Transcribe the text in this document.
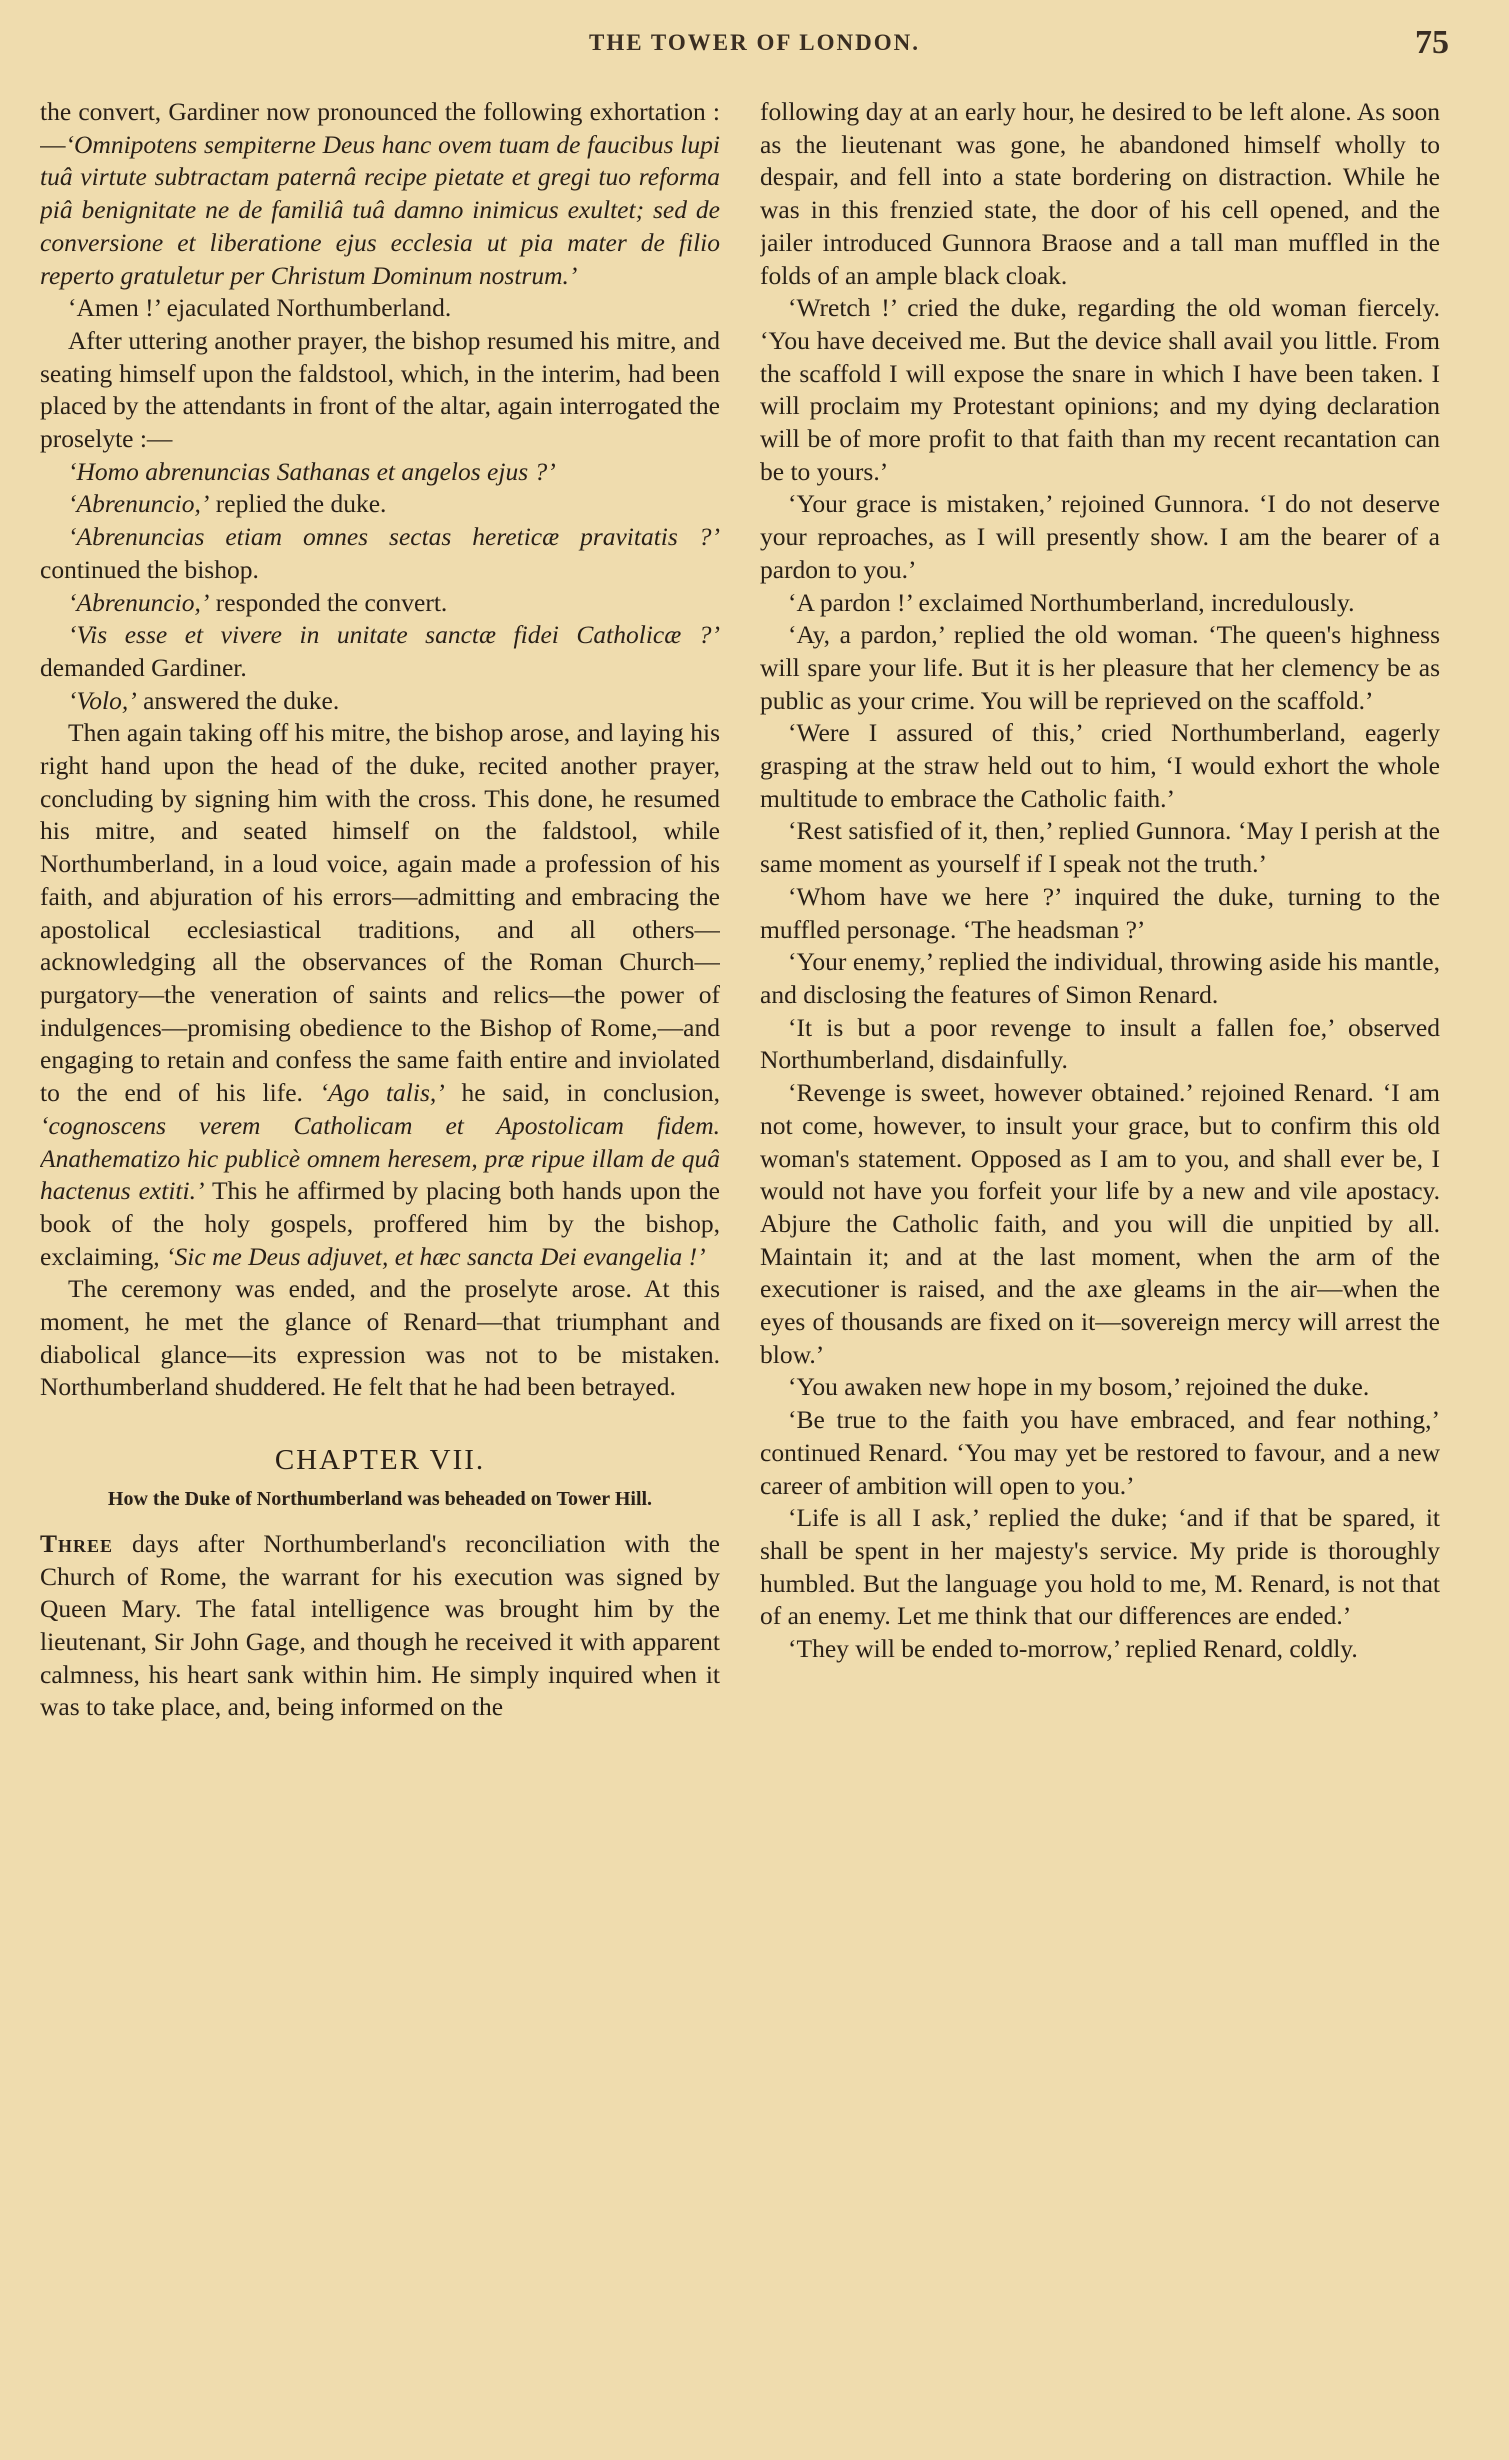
THE TOWER OF LONDON.	75

the convert, Gardiner now pronounced the following exhortation :—‘Omnipotens sempiterne Deus hanc ovem tuam de faucibus lupi tuâ virtute subtractam paternâ recipe pietate et gregi tuo reforma piâ benignitate ne de familiâ tuâ damno inimicus exultet; sed de conversione et liberatione ejus ecclesia ut pia mater de filio reperto gratuletur per Christum Dominum nostrum.’

‘Amen !’ ejaculated Northumberland.

After uttering another prayer, the bishop resumed his mitre, and seating himself upon the faldstool, which, in the interim, had been placed by the attendants in front of the altar, again interrogated the proselyte :—

‘Homo abrenuncias Sathanas et angelos ejus ?’

‘Abrenuncio,’ replied the duke.

‘Abrenuncias etiam omnes sectas hereticæ pravitatis ?’ continued the bishop.

‘Abrenuncio,’ responded the convert.

‘Vis esse et vivere in unitate sanctæ fidei Catholicæ ?’ demanded Gardiner.

‘Volo,’ answered the duke.

Then again taking off his mitre, the bishop arose, and laying his right hand upon the head of the duke, recited another prayer, concluding by signing him with the cross. This done, he resumed his mitre, and seated himself on the faldstool, while Northumberland, in a loud voice, again made a profession of his faith, and abjuration of his errors—admitting and embracing the apostolical ecclesiastical traditions, and all others—acknowledging all the observances of the Roman Church—purgatory—the veneration of saints and relics—the power of indulgences—promising obedience to the Bishop of Rome,—and engaging to retain and confess the same faith entire and inviolated to the end of his life. ‘Ago talis,’ he said, in conclusion, ‘cognoscens verem Catholicam et Apostolicam fidem. Anathematizo hic publicè omnem heresem, præ ripue illam de quâ hactenus extiti.’ This he affirmed by placing both hands upon the book of the holy gospels, proffered him by the bishop, exclaiming, ‘Sic me Deus adjuvet, et hæc sancta Dei evangelia !’

The ceremony was ended, and the proselyte arose. At this moment, he met the glance of Renard—that triumphant and diabolical glance—its expression was not to be mistaken. Northumberland shuddered. He felt that he had been betrayed.

CHAPTER VII.
How the Duke of Northumberland was beheaded on Tower Hill.

Three days after Northumberland's reconciliation with the Church of Rome, the warrant for his execution was signed by Queen Mary. The fatal intelligence was brought him by the lieutenant, Sir John Gage, and though he received it with apparent calmness, his heart sank within him. He simply inquired when it was to take place, and, being informed on the

following day at an early hour, he desired to be left alone. As soon as the lieutenant was gone, he abandoned himself wholly to despair, and fell into a state bordering on distraction. While he was in this frenzied state, the door of his cell opened, and the jailer introduced Gunnora Braose and a tall man muffled in the folds of an ample black cloak.

‘Wretch !’ cried the duke, regarding the old woman fiercely. ‘You have deceived me. But the device shall avail you little. From the scaffold I will expose the snare in which I have been taken. I will proclaim my Protestant opinions; and my dying declaration will be of more profit to that faith than my recent recantation can be to yours.’

‘Your grace is mistaken,’ rejoined Gunnora. ‘I do not deserve your reproaches, as I will presently show. I am the bearer of a pardon to you.’

‘A pardon !’ exclaimed Northumberland, incredulously.

‘Ay, a pardon,’ replied the old woman. ‘The queen's highness will spare your life. But it is her pleasure that her clemency be as public as your crime. You will be reprieved on the scaffold.’

‘Were I assured of this,’ cried Northumberland, eagerly grasping at the straw held out to him, ‘I would exhort the whole multitude to embrace the Catholic faith.’

‘Rest satisfied of it, then,’ replied Gunnora. ‘May I perish at the same moment as yourself if I speak not the truth.’

‘Whom have we here ?’ inquired the duke, turning to the muffled personage. ‘The headsman ?’

‘Your enemy,’ replied the individual, throwing aside his mantle, and disclosing the features of Simon Renard.

‘It is but a poor revenge to insult a fallen foe,’ observed Northumberland, disdainfully.

‘Revenge is sweet, however obtained.’ rejoined Renard. ‘I am not come, however, to insult your grace, but to confirm this old woman's statement. Opposed as I am to you, and shall ever be, I would not have you forfeit your life by a new and vile apostacy. Abjure the Catholic faith, and you will die unpitied by all. Maintain it; and at the last moment, when the arm of the executioner is raised, and the axe gleams in the air—when the eyes of thousands are fixed on it—sovereign mercy will arrest the blow.’

‘You awaken new hope in my bosom,’ rejoined the duke.

‘Be true to the faith you have embraced, and fear nothing,’ continued Renard. ‘You may yet be restored to favour, and a new career of ambition will open to you.’

‘Life is all I ask,’ replied the duke; ‘and if that be spared, it shall be spent in her majesty's service. My pride is thoroughly humbled. But the language you hold to me, M. Renard, is not that of an enemy. Let me think that our differences are ended.’

‘They will be ended to-morrow,’ replied Renard, coldly.
